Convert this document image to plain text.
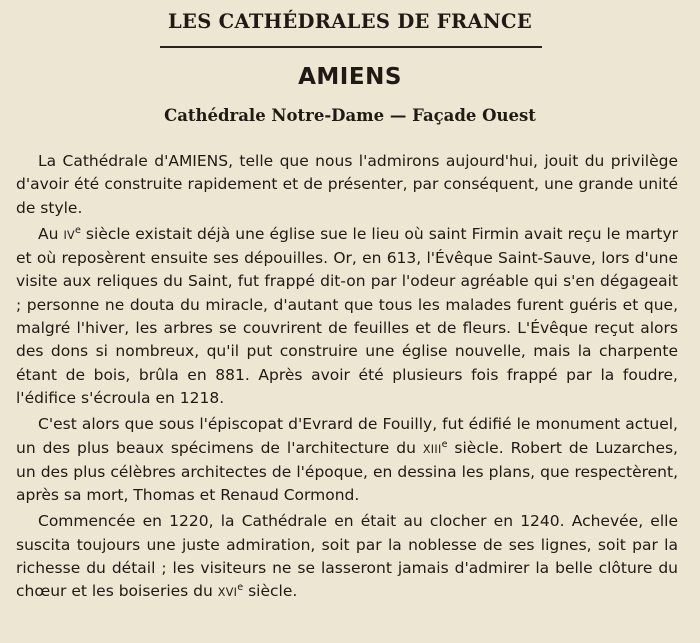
LES CATHÉDRALES DE FRANCE
AMIENS
Cathédrale Notre-Dame — Façade Ouest

La Cathédrale d'AMIENS, telle que nous l'admirons aujourd'hui, jouit du privilège d'avoir été construite rapidement et de présenter, par conséquent, une grande unité de style.

Au IVe siècle existait déjà une église sue le lieu où saint Firmin avait reçu le martyr et où reposèrent ensuite ses dépouilles. Or, en 613, l'Évêque Saint-Sauve, lors d'une visite aux reliques du Saint, fut frappé dit-on par l'odeur agréable qui s'en dégageait ; personne ne douta du miracle, d'autant que tous les malades furent guéris et que, malgré l'hiver, les arbres se couvrirent de feuilles et de fleurs. L'Évêque reçut alors des dons si nombreux, qu'il put construire une église nouvelle, mais la charpente étant de bois, brûla en 881. Après avoir été plusieurs fois frappé par la foudre, l'édifice s'écroula en 1218.

C'est alors que sous l'épiscopat d'Evrard de Fouilly, fut édifié le monument actuel, un des plus beaux spécimens de l'architecture du XIIIe siècle. Robert de Luzarches, un des plus célèbres architectes de l'époque, en dessina les plans, que respectèrent, après sa mort, Thomas et Renaud Cormond.

Commencée en 1220, la Cathédrale en était au clocher en 1240. Achevée, elle suscita toujours une juste admiration, soit par la noblesse de ses lignes, soit par la richesse du détail ; les visiteurs ne se lasseront jamais d'admirer la belle clôture du chœur et les boiseries du XVIe siècle.
